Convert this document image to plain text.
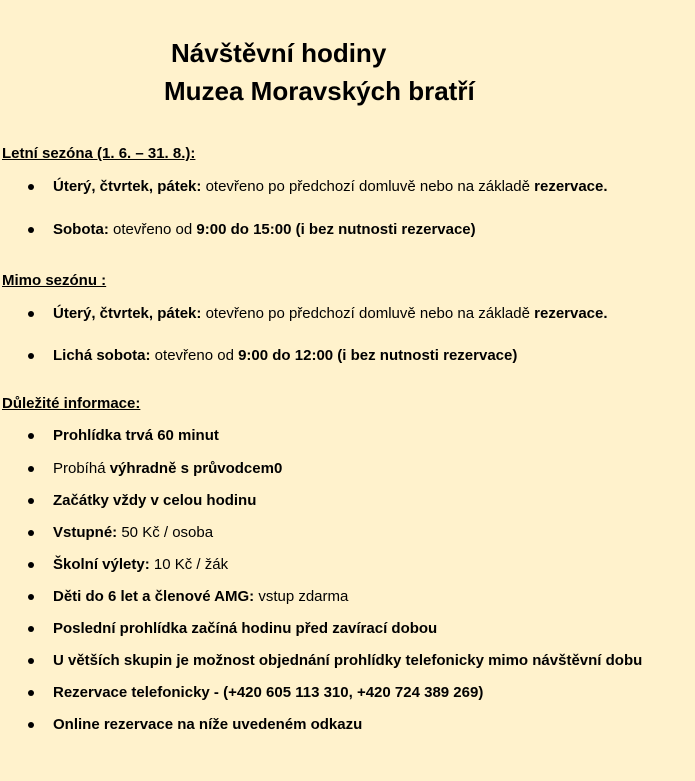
Návštěvní hodiny
Muzea Moravských bratří
Letní sezóna (1. 6. – 31. 8.):
Úterý, čtvrtek, pátek: otevřeno po předchozí domluvě nebo na základě rezervace.
Sobota: otevřeno od 9:00 do 15:00 (i bez nutnosti rezervace)
Mimo sezónu :
Úterý, čtvrtek, pátek: otevřeno po předchozí domluvě nebo na základě rezervace.
Lichá sobota: otevřeno od 9:00 do 12:00 (i bez nutnosti rezervace)
Důležité informace:
Prohlídka trvá 60 minut
Probíhá výhradně s průvodcem0
Začátky vždy v celou hodinu
Vstupné: 50 Kč / osoba
Školní výlety: 10 Kč / žák
Děti do 6 let a členové AMG: vstup zdarma
Poslední prohlídka začíná hodinu před zavírací dobou
U větších skupin je možnost objednání prohlídky telefonicky mimo návštěvní dobu
Rezervace telefonicky - (+420 605 113 310, +420 724 389 269)
Online rezervace na níže uvedeném odkazu
